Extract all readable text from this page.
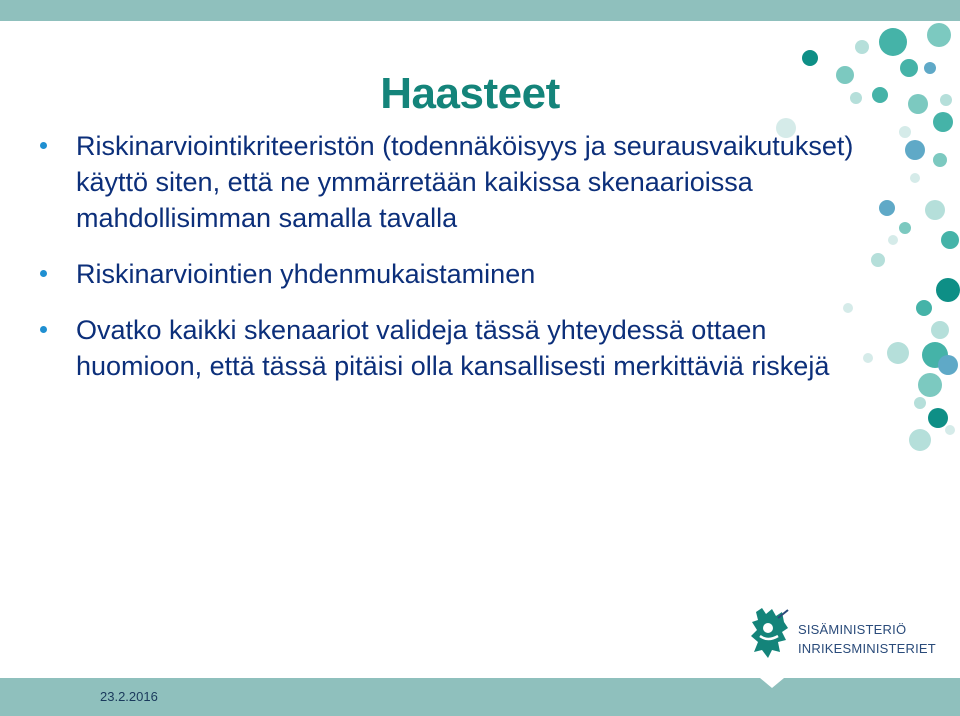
Haasteet
Riskinarviointikriteeristön (todennäköisyys ja seurausvaikutukset) käyttö siten, että ne ymmärretään kaikissa skenaarioissa mahdollisimman samalla tavalla
Riskinarviointien yhdenmukaistaminen
Ovatko kaikki skenaariot valideja tässä yhteydessä ottaen huomioon, että tässä pitäisi olla kansallisesti merkittäviä riskejä
SISÄMINISTERIÖ
INRIKESMINISTERIET
23.2.2016
